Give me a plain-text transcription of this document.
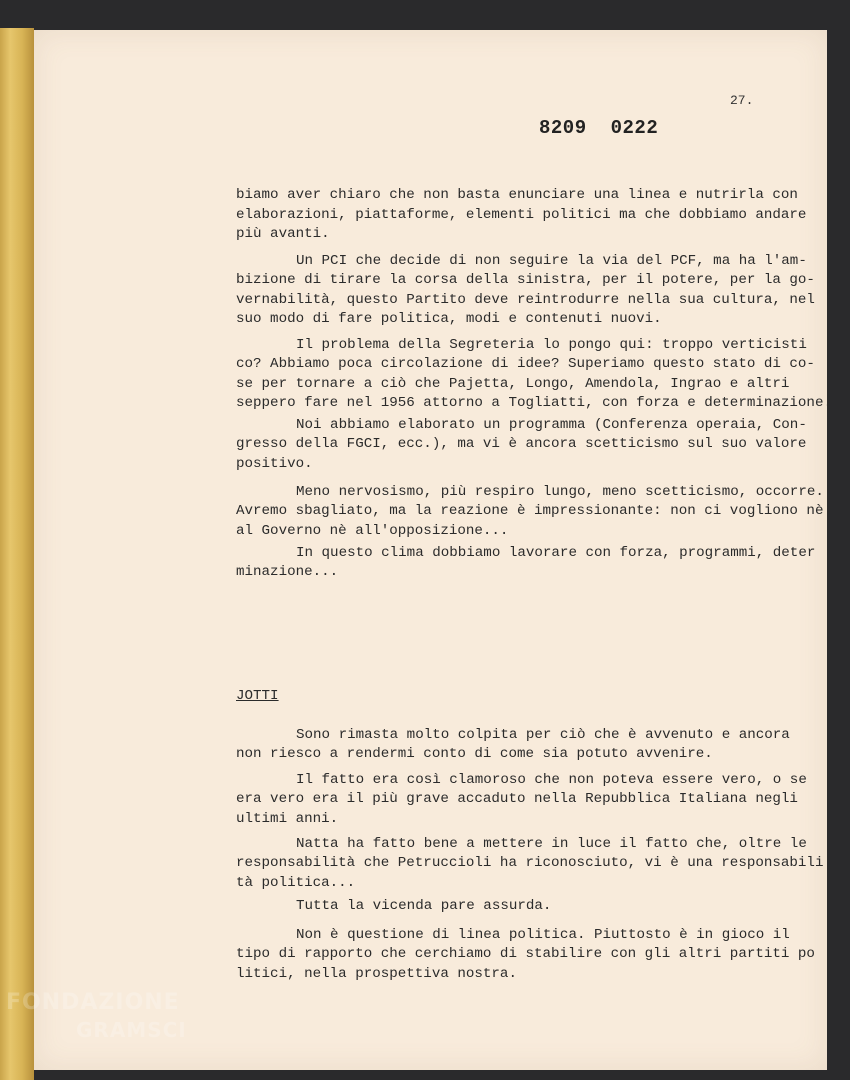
27.

8209 0222

biamo aver chiaro che non basta enunciare una linea e nutrirla con
elaborazioni, piattaforme, elementi politici ma che dobbiamo andare
più avanti.

Un PCI che decide di non seguire la via del PCF, ma ha l'am-

bizione di tirare la corsa della sinistra, per il potere, per la go-
vernabilità, questo Partito deve reintrodurre nella sua cultura, nel
suo modo di fare politica, modi e contenuti nuovi.

Il problema della Segreteria lo pongo qui: troppo verticisti

co? Abbiamo poca circolazione di idee? Superiamo questo stato di co-
se per tornare a ciò che Pajetta, Longo, Amendola, Ingrao e altri
seppero fare nel 1956 attorno a Togliatti, con forza e determinazione.

Noi abbiamo elaborato un programma (Conferenza operaia, Con-

gresso della FGCI, ecc.), ma vi è ancora scetticismo sul suo valore
positivo.

Meno nervosismo, più respiro lungo, meno scetticismo, occorre.

Avremo sbagliato, ma la reazione è impressionante: non ci vogliono nè
al Governo nè all'opposizione...

In questo clima dobbiamo lavorare con forza, programmi, deter

minazione...

JOTTI

Sono rimasta molto colpita per ciò che è avvenuto e ancora

non riesco a rendermi conto di come sia potuto avvenire.

Il fatto era così clamoroso che non poteva essere vero, o se

era vero era il più grave accaduto nella Repubblica Italiana negli
ultimi anni.

Natta ha fatto bene a mettere in luce il fatto che, oltre le

responsabilità che Petruccioli ha riconosciuto, vi è una responsabili
tà politica...

Tutta la vicenda pare assurda.

Non è questione di linea politica. Piuttosto è in gioco il

tipo di rapporto che cerchiamo di stabilire con gli altri partiti po
litici, nella prospettiva nostra.

FONDAZIONE
GRAMSCI
